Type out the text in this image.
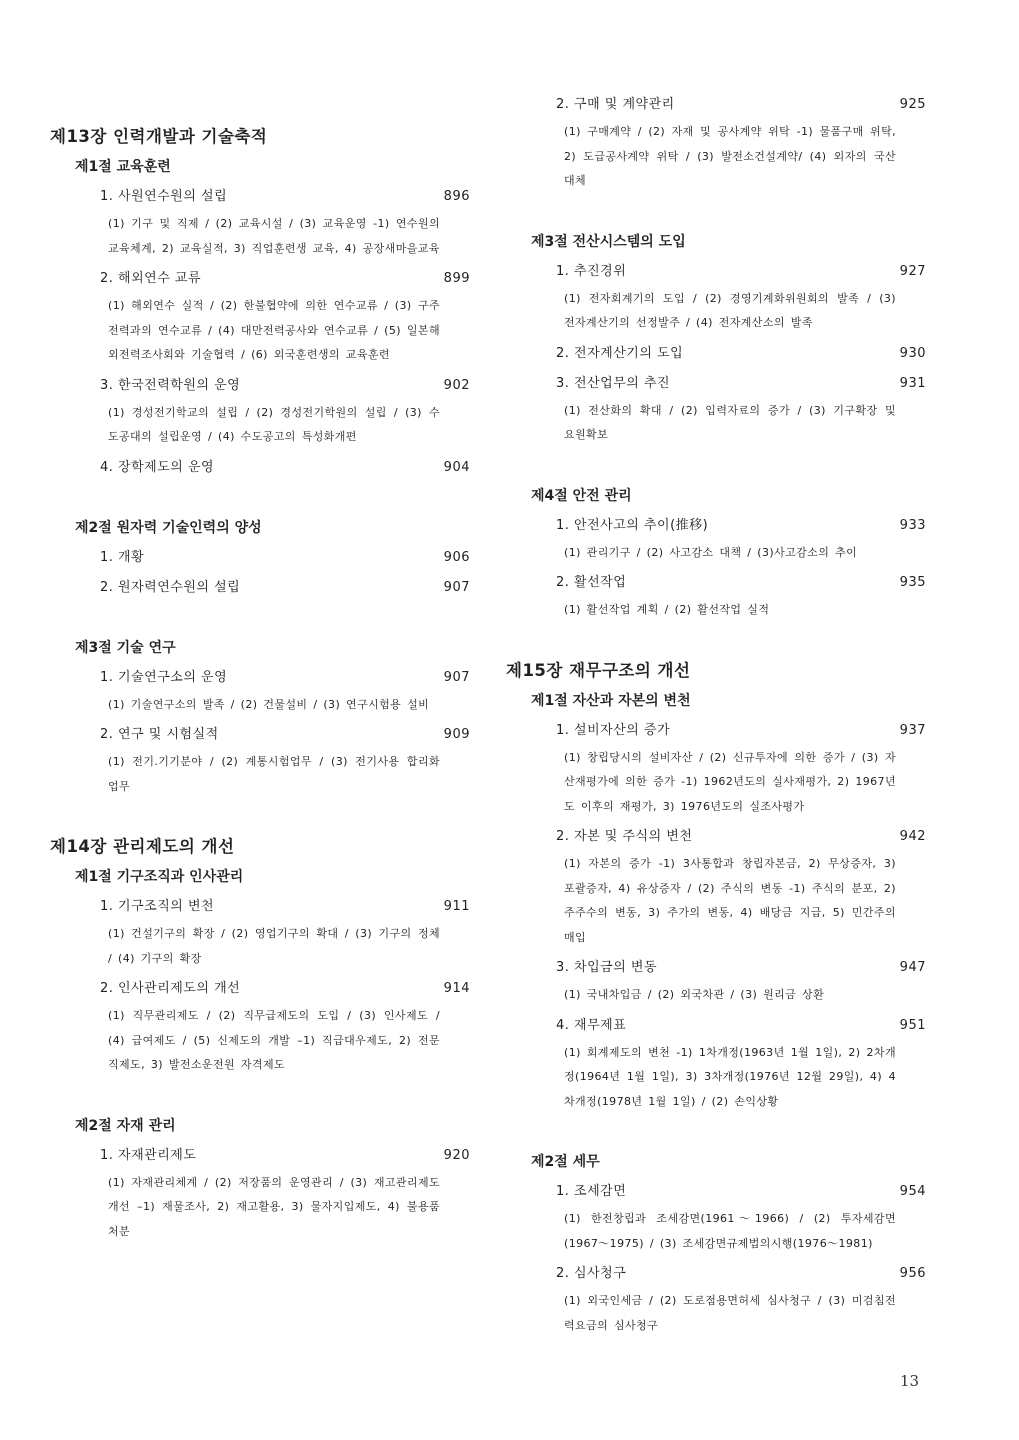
제13장 인력개발과 기술축적
제1절 교육훈련
1. 사원연수원의 설립	896
(1) 기구 및 직제 / (2) 교육시설 / (3) 교육운영 -1) 연수원의 교육체계, 2) 교육실적, 3) 직업훈련생 교육, 4) 공장새마을교육
2. 해외연수 교류	899
(1) 해외연수 실적 / (2) 한불협약에 의한 연수교류 / (3) 구주전력과의 연수교류 / (4) 대만전력공사와 연수교류 / (5) 일본해외전력조사회와 기술협력 / (6) 외국훈련생의 교육훈련
3. 한국전력학원의 운영	902
(1) 경성전기학교의 설립 / (2) 경성전기학원의 설립 / (3) 수도공대의 설립운영 / (4) 수도공고의 특성화개편
4. 장학제도의 운영	904
제2절 원자력 기술인력의 양성
1. 개황	906
2. 원자력연수원의 설립	907
제3절 기술 연구
1. 기술연구소의 운영	907
(1) 기술연구소의 발족 / (2) 건물설비 / (3) 연구시험용 설비
2. 연구 및 시험실적	909
(1) 전기.기기분야 / (2) 계통시험업무 / (3) 전기사용 합리화 업무
제14장 관리제도의 개선
제1절 기구조직과 인사관리
1. 기구조직의 변천	911
(1) 건설기구의 확장 / (2) 영업기구의 확대 / (3) 기구의 정체 / (4) 기구의 확장
2. 인사관리제도의 개선	914
(1) 직무관리제도 / (2) 직무급제도의 도입 / (3) 인사제도 / (4) 급여제도 / (5) 신제도의 개발 –1) 직급대우제도, 2) 전문직제도, 3) 발전소운전원 자격제도
제2절 자재 관리
1. 자재관리제도	920
(1) 자재관리체계 / (2) 저장품의 운영관리 / (3) 재고관리제도 개선 –1) 재물조사, 2) 재고활용, 3) 물자지입제도, 4) 불용품 처분
2. 구매 및 계약관리	925
(1) 구매계약 / (2) 자재 및 공사계약 위탁 -1) 물품구매 위탁, 2) 도급공사계약 위탁 / (3) 발전소건설계약/ (4) 외자의 국산대체
제3절 전산시스템의 도입
1. 추진경위	927
(1) 전자회계기의 도입 / (2) 경영기계화위원회의 발족 / (3) 전자계산기의 선정발주 / (4) 전자계산소의 발족
2. 전자계산기의 도입	930
3. 전산업무의 추진	931
(1) 전산화의 확대 / (2) 입력자료의 증가 / (3) 기구확장 및 요원확보
제4절 안전 관리
1. 안전사고의 추이(推移)	933
(1) 관리기구 / (2) 사고감소 대책 / (3)사고감소의 추이
2. 활선작업	935
(1) 활선작업 계획 / (2) 활선작업 실적
제15장 재무구조의 개선
제1절 자산과 자본의 변천
1. 설비자산의 증가	937
(1) 창립당시의 설비자산 / (2) 신규투자에 의한 증가 / (3) 자산재평가에 의한 증가 -1) 1962년도의 실사재평가, 2) 1967년도 이후의 재평가, 3) 1976년도의 실조사평가
2. 자본 및 주식의 변천	942
(1) 자본의 증가 -1) 3사통합과 창립자본금, 2) 무상증자, 3) 포괄증자, 4) 유상증자 / (2) 주식의 변동 -1) 주식의 분포, 2) 주주수의 변동, 3) 주가의 변동, 4) 배당금 지급, 5) 민간주의 매입
3. 차입금의 변동	947
(1) 국내차입금 / (2) 외국차관 / (3) 원리금 상환
4. 재무제표	951
(1) 회계제도의 변천 -1) 1차개정(1963년 1월 1일), 2) 2차개정(1964년 1월 1일), 3) 3차개정(1976년 12월 29일), 4) 4차개정(1978년 1월 1일) / (2) 손익상황
제2절 세무
1. 조세감면	954
(1) 한전창립과 조세감면(1961～1966) / (2) 투자세감면(1967～1975) / (3) 조세감면규제법의시행(1976～1981)
2. 심사청구	956
(1) 외국인세금 / (2) 도로점용면허세 심사청구 / (3) 미검침전력요금의 심사청구
13
